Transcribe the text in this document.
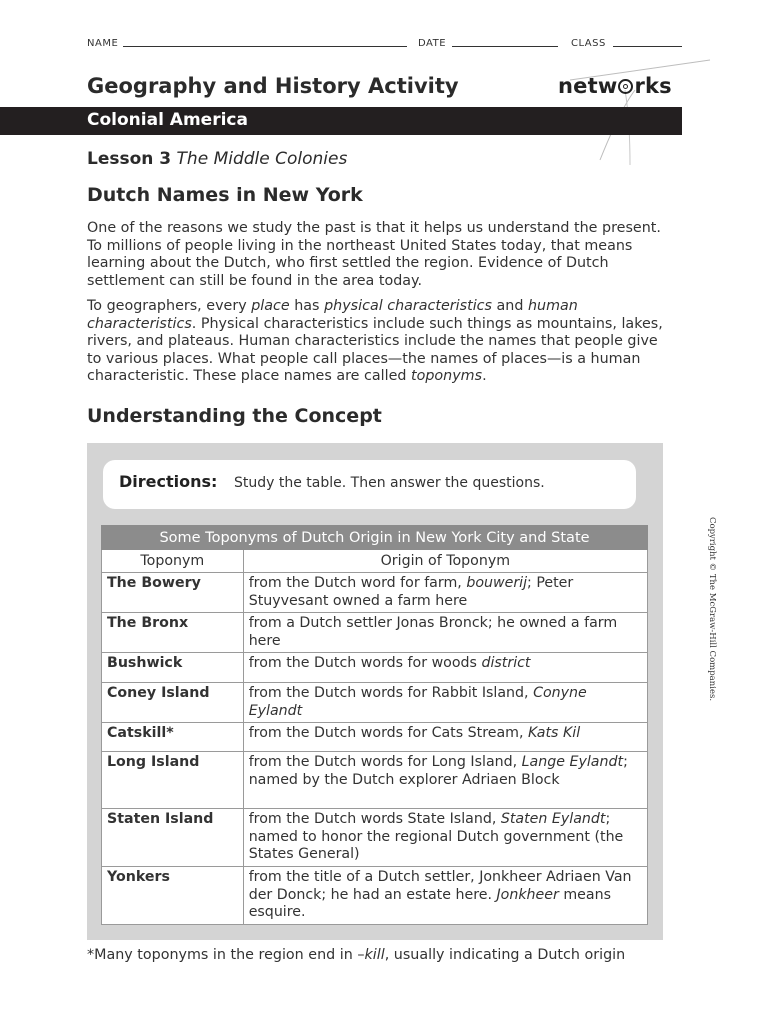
NAME	DATE	CLASS
Geography and History Activity	netw rks
Colonial America
Lesson 3 The Middle Colonies
Dutch Names in New York
One of the reasons we study the past is that it helps us understand the present. To millions of people living in the northeast United States today, that means learning about the Dutch, who first settled the region. Evidence of Dutch settlement can still be found in the area today.
To geographers, every place has physical characteristics and human characteristics. Physical characteristics include such things as mountains, lakes, rivers, and plateaus. Human characteristics include the names that people give to various places. What people call places—the names of places—is a human characteristic. These place names are called toponyms.
Understanding the Concept
Directions: Study the table. Then answer the questions.
Some Toponyms of Dutch Origin in New York City and State	
Toponym	Origin of Toponym
The Bowery	from the Dutch word for farm, bouwerij; Peter Stuyvesant owned a farm here
The Bronx	from a Dutch settler Jonas Bronck; he owned a farm here
Bushwick	from the Dutch words for woods district
Coney Island	from the Dutch words for Rabbit Island, Conyne Eylandt
Catskill*	from the Dutch words for Cats Stream, Kats Kil
Long Island	from the Dutch words for Long Island, Lange Eylandt; named by the Dutch explorer Adriaen Block
Staten Island	from the Dutch words State Island, Staten Eylandt; named to honor the regional Dutch government (the States General)
Yonkers	from the title of a Dutch settler, Jonkheer Adriaen Van der Donck; he had an estate here. Jonkheer means esquire.
*Many toponyms in the region end in –kill, usually indicating a Dutch origin
Copyright © The McGraw-Hill Companies.
